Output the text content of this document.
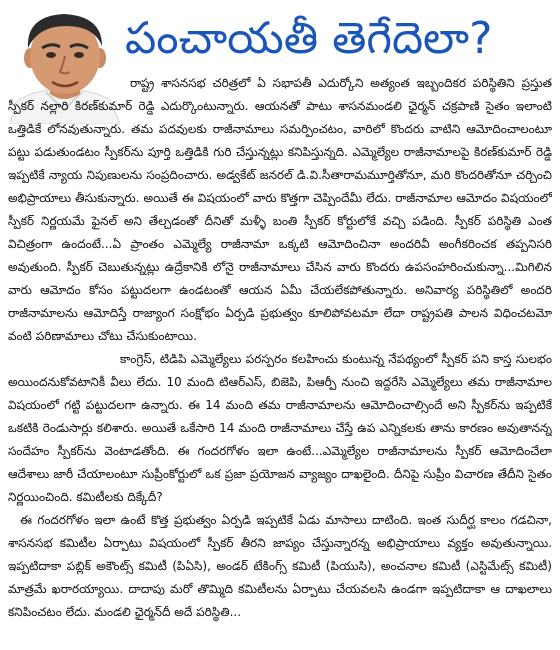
పంచాయతీ తెగేదెలా?

రాష్ట్ర శాసనసభ చరిత్రలో ఏ సభాపతీ ఎదుర్కోని అత్యంత ఇబ్బందికర పరిస్థితిని ప్రస్తుత స్పీకర్ నల్లారి కిరణ్‌కుమార్ రెడ్డి ఎదుర్కొంటున్నారు. ఆయనతో పాటు శాసనమండలి ఛైర్మన్ చక్రపాణి సైతం ఇలాంటి ఒత్తిడికే లోనవుతున్నారు. తమ పదవులకు రాజీనామాలు సమర్పించటం, వారిలో కొందరు వాటిని ఆమోదించాలంటూ పట్టు పడుతుండటం స్పీకర్‌ను పూర్తి ఒత్తిడికి గురి చేస్తున్నట్లు కనిపిస్తున్నది. ఎమ్మెల్యేల రాజీనామాలపై కిరణ్‌కుమార్ రెడ్డి ఇప్పటికే న్యాయ నిపుణులను సంప్రదించారు. అడ్వకేట్ జనరల్ డి.వి.సీతారామమూర్తితోనూ, మరి కొందరితోనూ చర్చించి అభిప్రాయాలు తీసుకున్నారు. అయితే ఈ విషయంలో వారు కొత్తగా చెప్పిందేమీ లేదు. రాజీనామాల ఆమోదం విషయంలో స్పీకర్ నిర్ణయమే ఫైనల్ అని తేల్చడంతో దీనితో మళ్ళీ బంతి స్పీకర్ కోర్టులోకే వచ్చి పడింది. స్పీకర్ పరిస్థితి ఎంత విచిత్రంగా ఉందంటే...ఏ ప్రాంతం ఎమ్మెల్యే రాజీనామా ఒక్కటి ఆమోదించినా అందరివీ అంగీకరించక తప్పనిసరి అవుతుంది. స్పీకర్ చెబుతున్నట్లు ఉద్రేకానికి లోనై రాజీనామాలు చేసిన వారు కొందరు ఉపసంహరించుకున్నా...మిగిలిన వారు ఆమోదం కోసం పట్టుదలగా ఉండటంతో ఆయన ఏమీ చేయలేకపోతున్నారు. అనివార్య పరిస్థితిలో అందరి రాజీనామాలను ఆమోదిస్తే రాజ్యాంగ సంక్షోభం ఏర్పడి ప్రభుత్వం కూలిపోవటమా లేదా రాష్ట్రపతి పాలన విధించటమో వంటి పరిణామాలు చోటు చేసుకుంటాయి.

కాంగ్రెస్, టిడిపి ఎమ్మెల్యేలు పరస్పరం కలహించు కుంటున్న నేపథ్యంలో స్పీకర్ పని కాస్త సులభం అయిందనుకోవటానికీ వీలు లేదు. 10 మంది టిఆర్ఎస్, బిజెపి, పిఆర్పీ నుంచి ఇద్దరేసి ఎమ్మెల్యేలు తమ రాజీనామాల విషయంలో గట్టి పట్టుదలగా ఉన్నారు. ఈ 14 మంది తమ రాజీనామాలను ఆమోదించాల్సిందే అని స్పీకర్‌ను ఇప్పటికే ఒకటికి రెండుసార్లు కలిశారు. అయితే ఒకేసారి 14 మంది రాజీనామాలు చేస్తే ఉప ఎన్నికలకు తాను కారణం అవుతానన్న సందేహం స్పీకర్‌ను వెంటాడతోంది. ఈ గందరగోళం ఇలా ఉంటే...ఎమ్మెల్యేల రాజీనామాలను స్పీకర్ ఆమోదించేలా ఆదేశాలు జారీ చేయాలంటూ సుప్రీంకోర్టులో ఒక ప్రజా ప్రయోజన వ్యాజ్యం దాఖలైంది. దీనిపై సుప్రీం విచారణ తేదీని సైతం నిర్ణయించింది. కమిటీలకు దిక్కేదీ?

ఈ గందరగోళం ఇలా ఉంటే కొత్త ప్రభుత్వం ఏర్పడి ఇప్పటికే ఏడు మాసాలు దాటింది. ఇంత సుదీర్ఘ కాలం గడచినా, శాసనసభ కమిటీల ఏర్పాటు విషయంలో స్పీకర్ తీరని జాప్యం చేస్తున్నారన్న అభిప్రాయాలు వ్యక్తం అవుతున్నాయి. ఇప్పటిదాకా పబ్లిక్ అకౌంట్స్ కమిటీ (పిఏసి), అండర్ టేకింగ్స్ కమిటీ (పియుసి), అంచనాల కమిటీ (ఎస్టిమేట్స్ కమిటీ) మాత్రమే ఖరారయ్యాయి. దాదాపు మరో తొమ్మిది కమిటీలను ఏర్పాటు చేయవలసి ఉండగా ఇప్పటిదాకా ఆ దాఖలాలు కనిపించటం లేదు. మండలి ఛైర్మన్‌దీ అదే పరిస్థితి...
